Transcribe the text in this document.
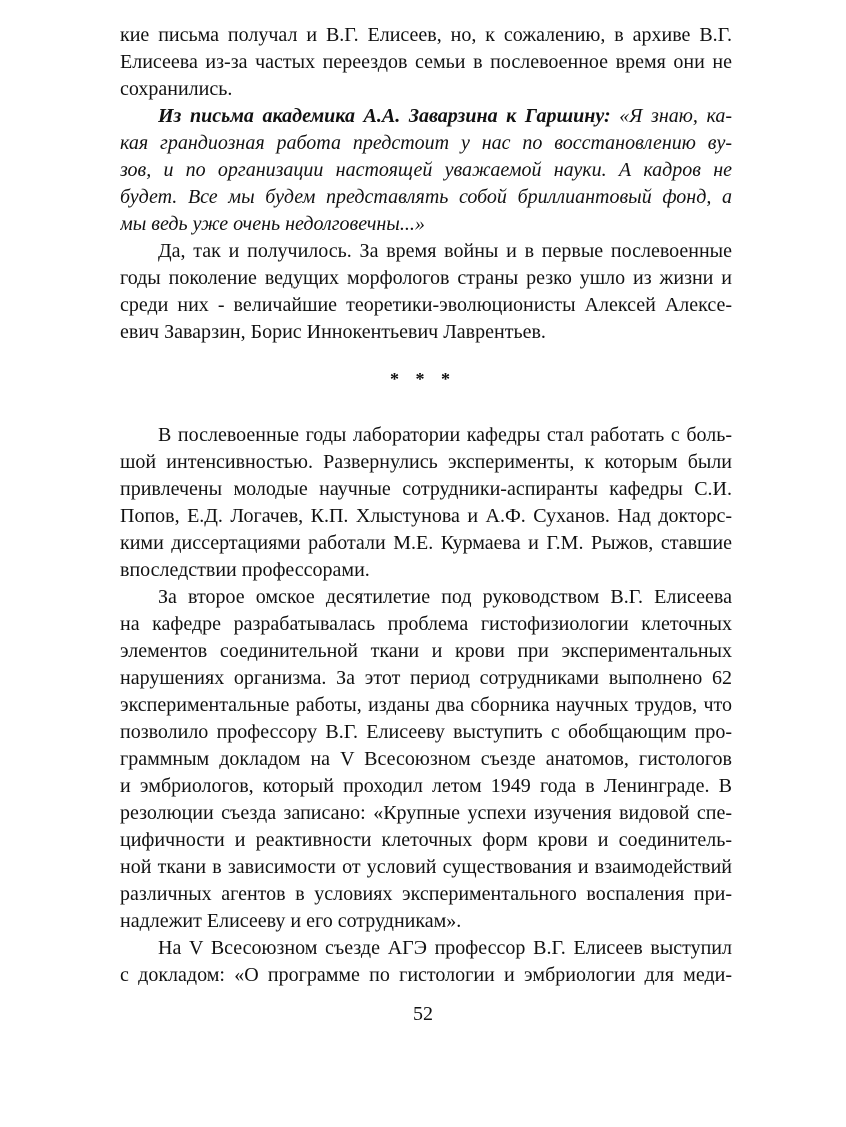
кие письма получал и В.Г. Елисеев, но, к сожалению, в архиве В.Г.
Елисеева из-за частых переездов семьи в послевоенное время они не
сохранились.
Из письма академика А.А. Заварзина к Гаршину: «Я знаю, ка-
кая грандиозная работа предстоит у нас по восстановлению ву-
зов, и по организации настоящей уважаемой науки. А кадров не
будет. Все мы будем представлять собой бриллиантовый фонд, а
мы ведь уже очень недолговечны...»
Да, так и получилось. За время войны и в первые послевоенные
годы поколение ведущих морфологов страны резко ушло из жизни и
среди них - величайшие теоретики-эволюционисты Алексей Алексе-
евич Заварзин, Борис Иннокентьевич Лаврентьев.
* * *
В послевоенные годы лаборатории кафедры стал работать с боль-
шой интенсивностью. Развернулись эксперименты, к которым были
привлечены молодые научные сотрудники-аспиранты кафедры С.И.
Попов, Е.Д. Логачев, К.П. Хлыстунова и А.Ф. Суханов. Над докторс-
кими диссертациями работали М.Е. Курмаева и Г.М. Рыжов, ставшие
впоследствии профессорами.
За второе омское десятилетие под руководством В.Г. Елисеева
на кафедре разрабатывалась проблема гистофизиологии клеточных
элементов соединительной ткани и крови при экспериментальных
нарушениях организма. За этот период сотрудниками выполнено 62
экспериментальные работы, изданы два сборника научных трудов, что
позволило профессору В.Г. Елисееву выступить с обобщающим про-
граммным докладом на V Всесоюзном съезде анатомов, гистологов
и эмбриологов, который проходил летом 1949 года в Ленинграде. В
резолюции съезда записано: «Крупные успехи изучения видовой спе-
цифичности и реактивности клеточных форм крови и соединитель-
ной ткани в зависимости от условий существования и взаимодействий
различных агентов в условиях экспериментального воспаления при-
надлежит Елисееву и его сотрудникам».
На V Всесоюзном съезде АГЭ профессор В.Г. Елисеев выступил
с докладом: «О программе по гистологии и эмбриологии для меди-
52
